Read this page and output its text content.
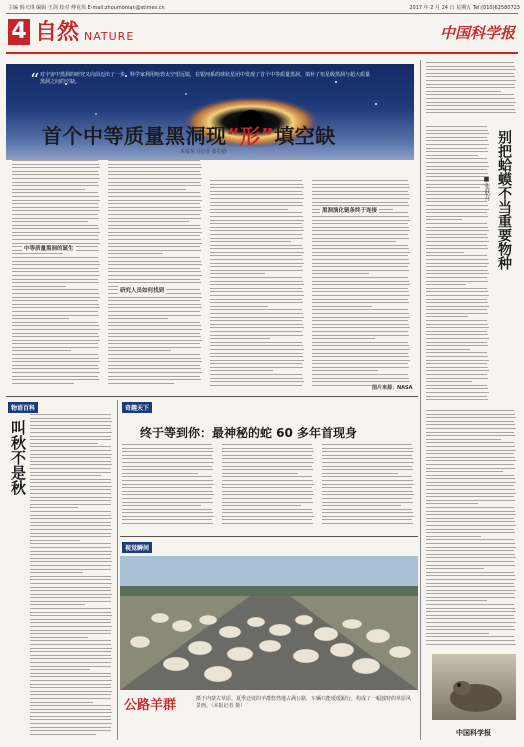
主编 韩天琪 编辑 王剑 校对 傅克伟 E-mail:zhoumonian@stimes.cn	2017 年 2 月 24 日 星期五 Tel:(010)62580723
4 自然 NATURE	中国科学报
“ 对宇宙中黑洞的研究又向前迈出了一步。科学家利用哈勃太空望远镜，在银河系的球状星团中发现了首个中等质量黑洞，填补了恒星级黑洞与超大质量黑洞之间的空缺。
首个中等质量黑洞现“形”填空缺
本报见习记者 张心怡
中等质量黑洞的诞生
研究人员如何找到
黑洞演化链条终于连接
图片来源：NASA
物语百科
叫秋不是秋
奇趣天下
终于等到你：最神秘的蛇 60 多年首现身
视觉瞬间
公路羊群	摄于内蒙古草原。夏季迁徙的羊群悠然地占满公路，车辆只能缓缓跟行，构成了一幅独特的草原风景画。（本报记者 摄）
别把蛤蟆不当重要物种
■张秋月
中国科学报
